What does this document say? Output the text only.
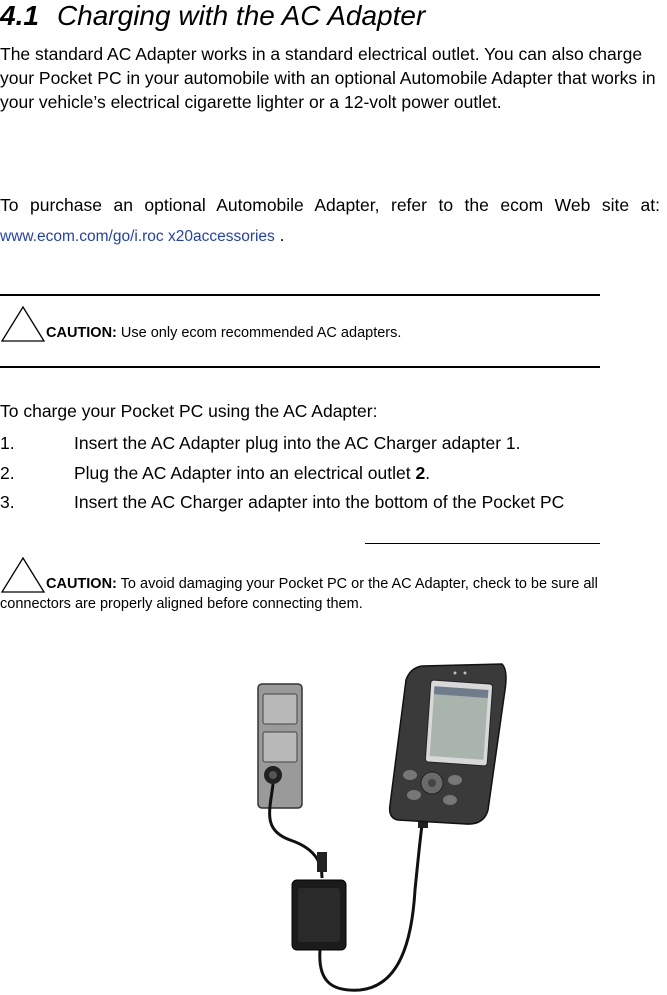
4.1 Charging with the AC Adapter
The standard AC Adapter works in a standard electrical outlet. You can also charge your Pocket PC in your automobile with an optional Automobile Adapter that works in your vehicle’s electrical cigarette lighter or a 12-volt power outlet.
To purchase an optional Automobile Adapter, refer to the ecom Web site at: www.ecom.com/go/i.roc x20accessories .
CAUTION: Use only ecom recommended AC adapters.
To charge your Pocket PC using the AC Adapter:
1.	Insert the AC Adapter plug into the AC Charger adapter 1.
2.	Plug the AC Adapter into an electrical outlet 2.
3.	Insert the AC Charger adapter into the bottom of the Pocket PC
CAUTION: To avoid damaging your Pocket PC or the AC Adapter, check to be sure all connectors are properly aligned before connecting them.
